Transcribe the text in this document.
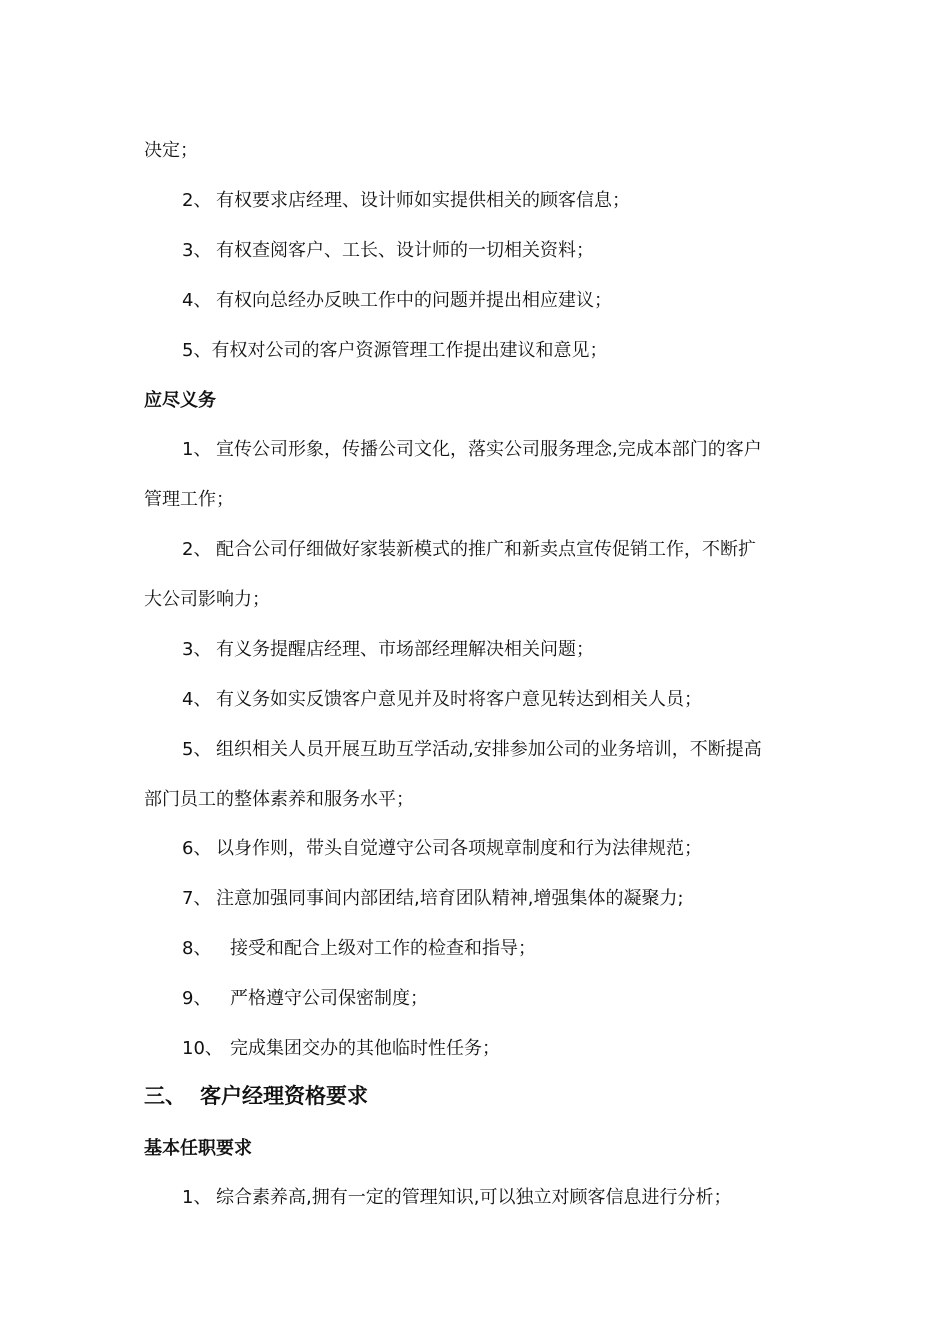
决定；
2、 有权要求店经理、设计师如实提供相关的顾客信息；
3、 有权查阅客户、工长、设计师的一切相关资料；
4、 有权向总经办反映工作中的问题并提出相应建议；
5、有权对公司的客户资源管理工作提出建议和意见；
应尽义务
1、 宣传公司形象，传播公司文化，落实公司服务理念,完成本部门的客户
管理工作；
2、 配合公司仔细做好家装新模式的推广和新卖点宣传促销工作，不断扩
大公司影响力；
3、 有义务提醒店经理、市场部经理解决相关问题；
4、 有义务如实反馈客户意见并及时将客户意见转达到相关人员；
5、 组织相关人员开展互助互学活动,安排参加公司的业务培训，不断提高
部门员工的整体素养和服务水平；
6、 以身作则，带头自觉遵守公司各项规章制度和行为法律规范；
7、 注意加强同事间内部团结,培育团队精神,增强集体的凝聚力;
8、 接受和配合上级对工作的检查和指导；
9、 严格遵守公司保密制度；
10、 完成集团交办的其他临时性任务；
三、 客户经理资格要求
基本任职要求
1、 综合素养高,拥有一定的管理知识,可以独立对顾客信息进行分析；
